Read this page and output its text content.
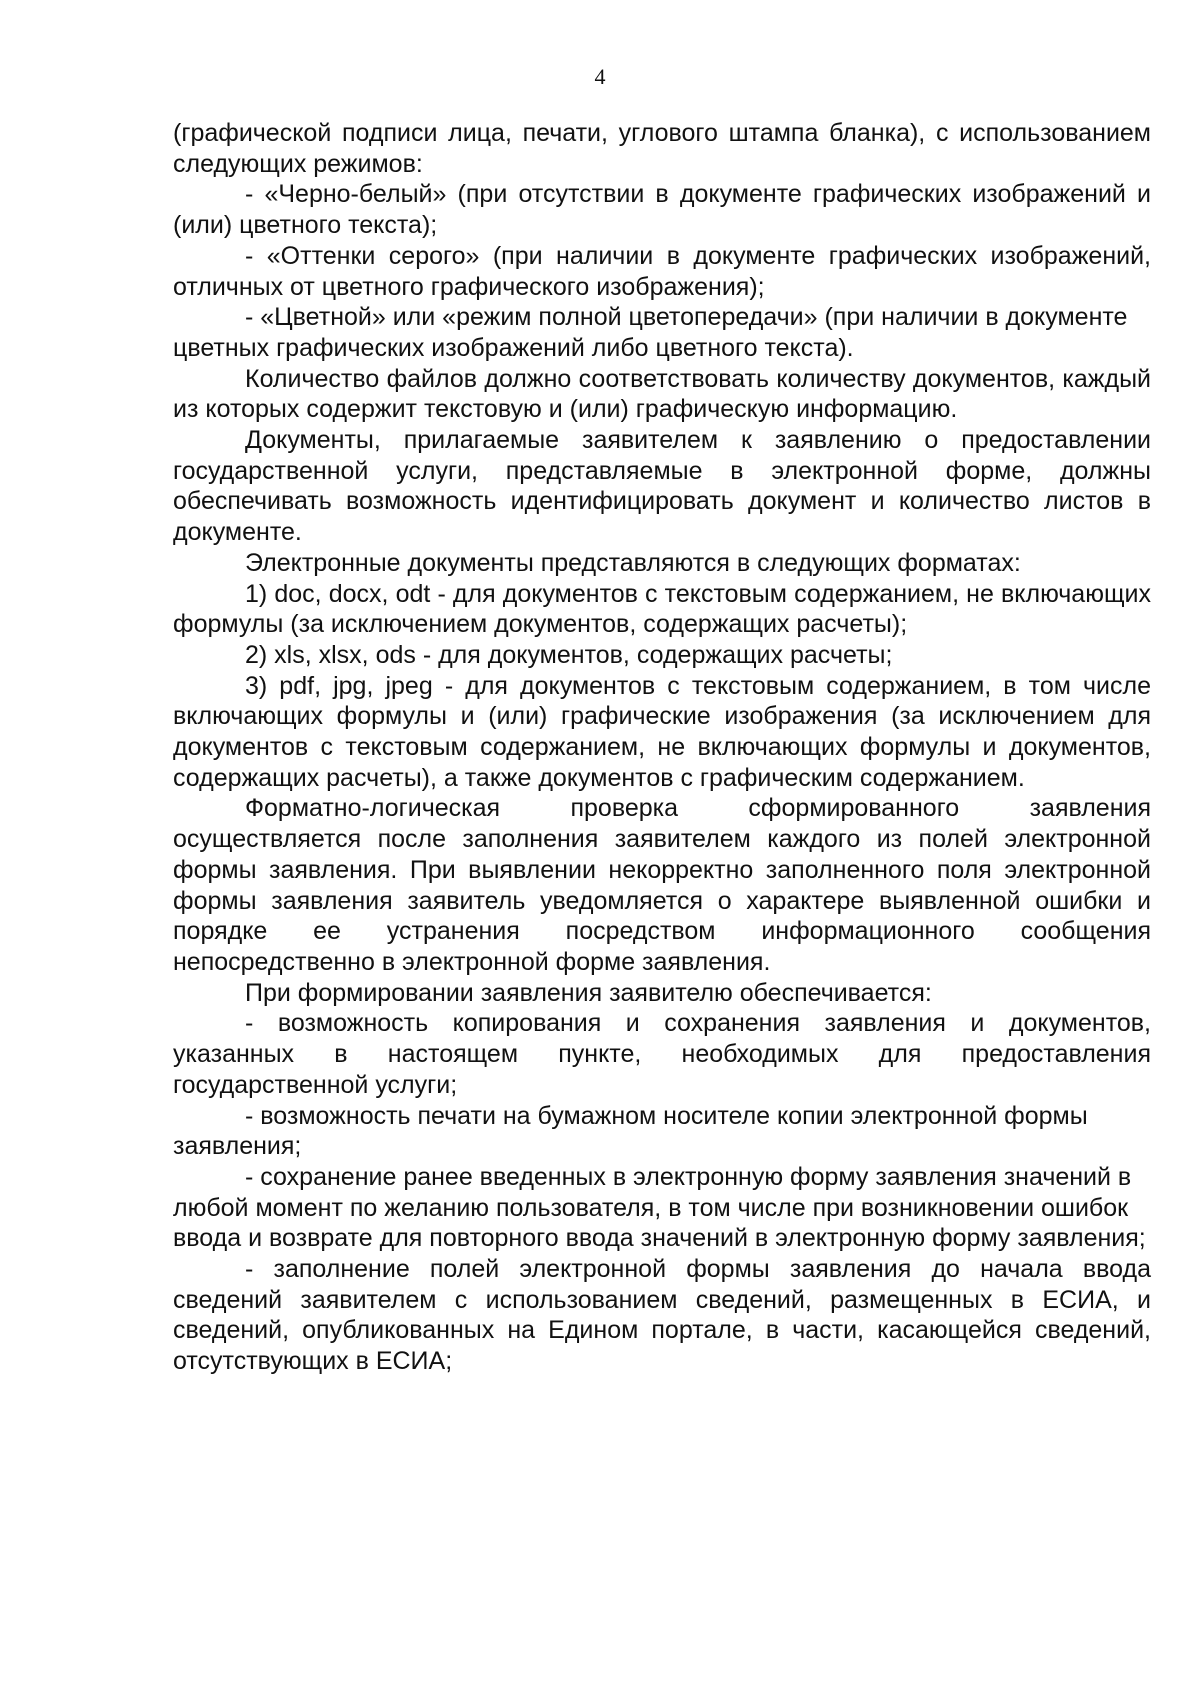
4

(графической подписи лица, печати, углового штампа бланка), с использованием следующих режимов:

- «Черно-белый» (при отсутствии в документе графических изображений и (или) цветного текста);

- «Оттенки серого» (при наличии в документе графических изображений, отличных от цветного графического изображения);

- «Цветной» или «режим полной цветопередачи» (при наличии в документе цветных графических изображений либо цветного текста).

Количество файлов должно соответствовать количеству документов, каждый из которых содержит текстовую и (или) графическую информацию.

Документы, прилагаемые заявителем к заявлению о предоставлении государственной услуги, представляемые в электронной форме, должны обеспечивать возможность идентифицировать документ и количество листов в документе.

Электронные документы представляются в следующих форматах:

1) doc, docx, odt - для документов с текстовым содержанием, не включающих формулы (за исключением документов, содержащих расчеты);

2) xls, xlsx, ods - для документов, содержащих расчеты;

3) pdf, jpg, jpeg - для документов с текстовым содержанием, в том числе включающих формулы и (или) графические изображения (за исключением для документов с текстовым содержанием, не включающих формулы и документов, содержащих расчеты), а также документов с графическим содержанием.

Форматно-логическая проверка сформированного заявления осуществляется после заполнения заявителем каждого из полей электронной формы заявления. При выявлении некорректно заполненного поля электронной формы заявления заявитель уведомляется о характере выявленной ошибки и порядке ее устранения посредством информационного сообщения непосредственно в электронной форме заявления.

При формировании заявления заявителю обеспечивается:

- возможность копирования и сохранения заявления и документов, указанных в настоящем пункте, необходимых для предоставления государственной услуги;

- возможность печати на бумажном носителе копии электронной формы заявления;

- сохранение ранее введенных в электронную форму заявления значений в любой момент по желанию пользователя, в том числе при возникновении ошибок ввода и возврате для повторного ввода значений в электронную форму заявления;

- заполнение полей электронной формы заявления до начала ввода сведений заявителем с использованием сведений, размещенных в ЕСИА, и сведений, опубликованных на Едином портале, в части, касающейся сведений, отсутствующих в ЕСИА;
